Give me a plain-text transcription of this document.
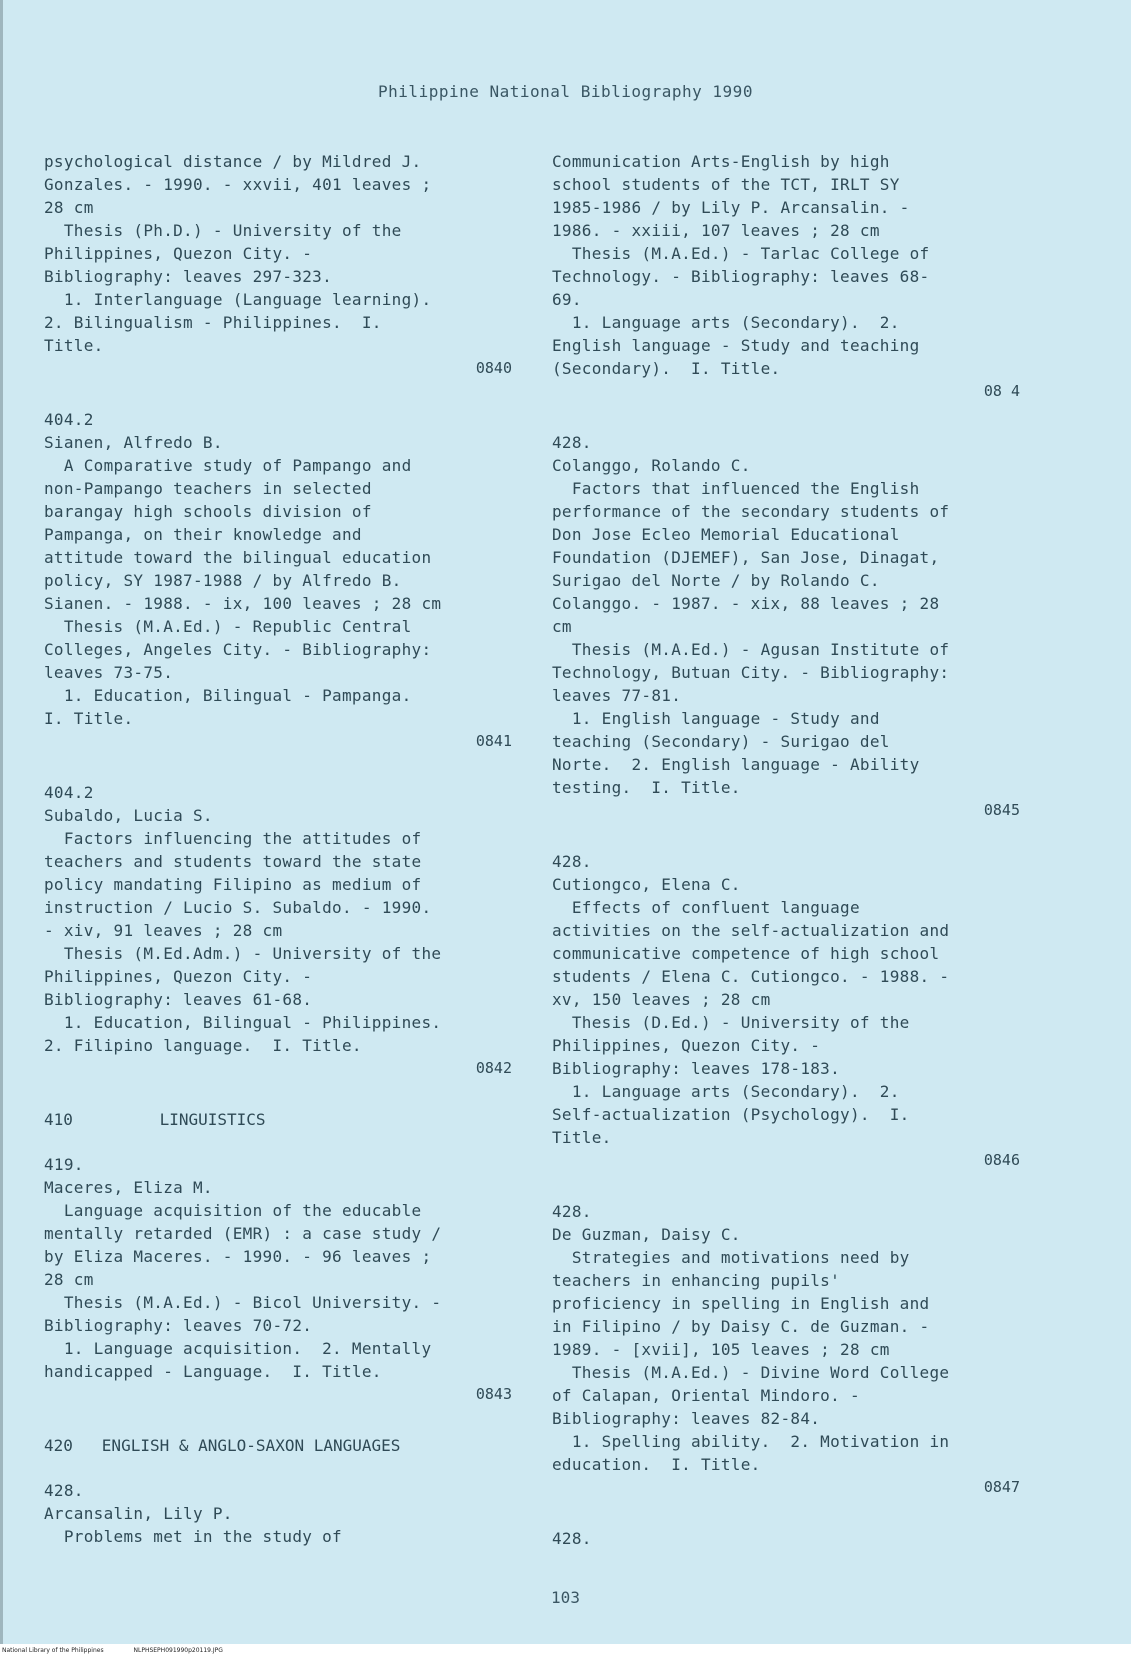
Philippine National Bibliography 1990
psychological distance / by Mildred J.
Gonzales. - 1990. - xxvii, 401 leaves ;
28 cm
Thesis (Ph.D.) - University of the
Philippines, Quezon City. -
Bibliography: leaves 297-323.
1. Interlanguage (Language learning).
2. Bilingualism - Philippines.  I.
Title.
0840
404.2
Sianen, Alfredo B.
A Comparative study of Pampango and
non-Pampango teachers in selected
barangay high schools division of
Pampanga, on their knowledge and
attitude toward the bilingual education
policy, SY 1987-1988 / by Alfredo B.
Sianen. - 1988. - ix, 100 leaves ; 28 cm
Thesis (M.A.Ed.) - Republic Central
Colleges, Angeles City. - Bibliography:
leaves 73-75.
1. Education, Bilingual - Pampanga.
I. Title.
0841
404.2
Subaldo, Lucia S.
Factors influencing the attitudes of
teachers and students toward the state
policy mandating Filipino as medium of
instruction / Lucio S. Subaldo. - 1990.
- xiv, 91 leaves ; 28 cm
Thesis (M.Ed.Adm.) - University of the
Philippines, Quezon City. -
Bibliography: leaves 61-68.
1. Education, Bilingual - Philippines.
2. Filipino language.  I. Title.
0842
410         LINGUISTICS
419.
Maceres, Eliza M.
Language acquisition of the educable
mentally retarded (EMR) : a case study /
by Eliza Maceres. - 1990. - 96 leaves ;
28 cm
Thesis (M.A.Ed.) - Bicol University. -
Bibliography: leaves 70-72.
1. Language acquisition.  2. Mentally
handicapped - Language.  I. Title.
0843
420   ENGLISH & ANGLO-SAXON LANGUAGES
428.
Arcansalin, Lily P.
Problems met in the study of
Communication Arts-English by high
school students of the TCT, IRLT SY
1985-1986 / by Lily P. Arcansalin. -
1986. - xxiii, 107 leaves ; 28 cm
Thesis (M.A.Ed.) - Tarlac College of
Technology. - Bibliography: leaves 68-
69.
1. Language arts (Secondary).  2.
English language - Study and teaching
(Secondary).  I. Title.
08 4
428.
Colanggo, Rolando C.
Factors that influenced the English
performance of the secondary students of
Don Jose Ecleo Memorial Educational
Foundation (DJEMEF), San Jose, Dinagat,
Surigao del Norte / by Rolando C.
Colanggo. - 1987. - xix, 88 leaves ; 28
cm
Thesis (M.A.Ed.) - Agusan Institute of
Technology, Butuan City. - Bibliography:
leaves 77-81.
1. English language - Study and
teaching (Secondary) - Surigao del
Norte.  2. English language - Ability
testing.  I. Title.
0845
428.
Cutiongco, Elena C.
Effects of confluent language
activities on the self-actualization and
communicative competence of high school
students / Elena C. Cutiongco. - 1988. -
xv, 150 leaves ; 28 cm
Thesis (D.Ed.) - University of the
Philippines, Quezon City. -
Bibliography: leaves 178-183.
1. Language arts (Secondary).  2.
Self-actualization (Psychology).  I.
Title.
0846
428.
De Guzman, Daisy C.
Strategies and motivations need by
teachers in enhancing pupils'
proficiency in spelling in English and
in Filipino / by Daisy C. de Guzman. -
1989. - [xvii], 105 leaves ; 28 cm
Thesis (M.A.Ed.) - Divine Word College
of Calapan, Oriental Mindoro. -
Bibliography: leaves 82-84.
1. Spelling ability.  2. Motivation in
education.  I. Title.
0847
428.
103
National Library of the Philippines	NLPHSEPH091990p20119.JPG
